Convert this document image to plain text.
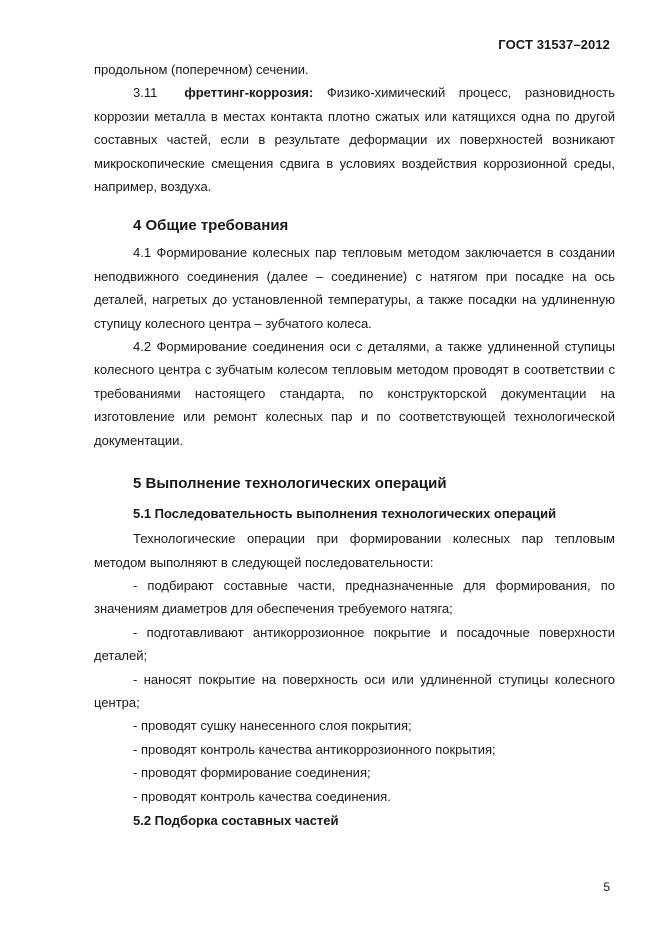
ГОСТ 31537–2012

продольном (поперечном) сечении.

3.11 фреттинг-коррозия: Физико-химический процесс, разновидность коррозии металла в местах контакта плотно сжатых или катящихся одна по другой составных частей, если в результате деформации их поверхностей возникают микроскопические смещения сдвига в условиях воздействия коррозионной среды, например, воздуха.

4 Общие требования

4.1 Формирование колесных пар тепловым методом заключается в создании неподвижного соединения (далее – соединение) с натягом при посадке на ось деталей, нагретых до установленной температуры, а также посадки на удлиненную ступицу колесного центра – зубчатого колеса.

4.2 Формирование соединения оси с деталями, а также удлиненной ступицы колесного центра с зубчатым колесом тепловым методом проводят в соответствии с требованиями настоящего стандарта, по конструкторской документации на изготовление или ремонт колесных пар и по соответствующей технологической документации.

5 Выполнение технологических операций
5.1 Последовательность выполнения технологических операций

Технологические операции при формировании колесных пар тепловым методом выполняют в следующей последовательности:

- подбирают составные части, предназначенные для формирования, по значениям диаметров для обеспечения требуемого натяга;

- подготавливают антикоррозионное покрытие и посадочные поверхности деталей;

- наносят покрытие на поверхность оси или удлиненной ступицы колесного центра;

- проводят сушку нанесенного слоя покрытия;

- проводят контроль качества антикоррозионного покрытия;

- проводят формирование соединения;

- проводят контроль качества соединения.

5.2 Подборка составных частей
5
